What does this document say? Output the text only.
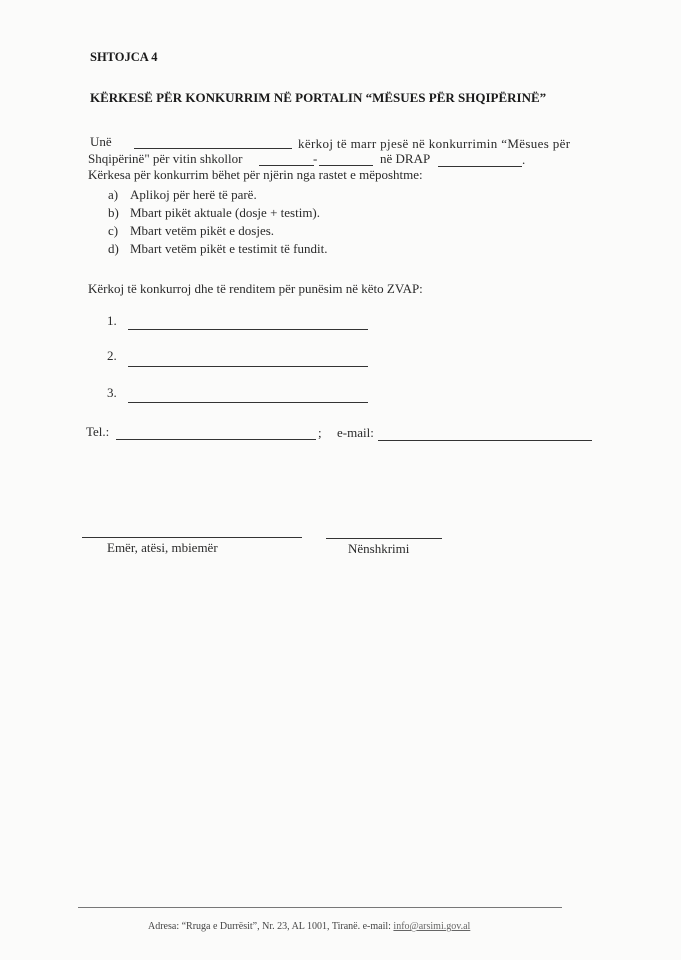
SHTOJCA 4
KËRKESË PËR KONKURRIM NË PORTALIN “MËSUES PËR SHQIPËRINË”
Unë	kërkoj të marr pjesë në konkurrimin “Mësues për
Shqipërinë" për vitin shkollor	-	në DRAP	.
Kërkesa për konkurrim bëhet për njërin nga rastet e mëposhtme:
a) Aplikoj për herë të parë.
b) Mbart pikët aktuale (dosje + testim).
c) Mbart vetëm pikët e dosjes.
d) Mbart vetëm pikët e testimit të fundit.
Kërkoj të konkurroj dhe të renditem për punësim në këto ZVAP:
1.
2.
3.
Tel.:	; e-mail:
Emër, atësi, mbiemër	Nënshkrimi
Adresa: “Rruga e Durrësit”, Nr. 23, AL 1001, Tiranë. e-mail: info@arsimi.gov.al
